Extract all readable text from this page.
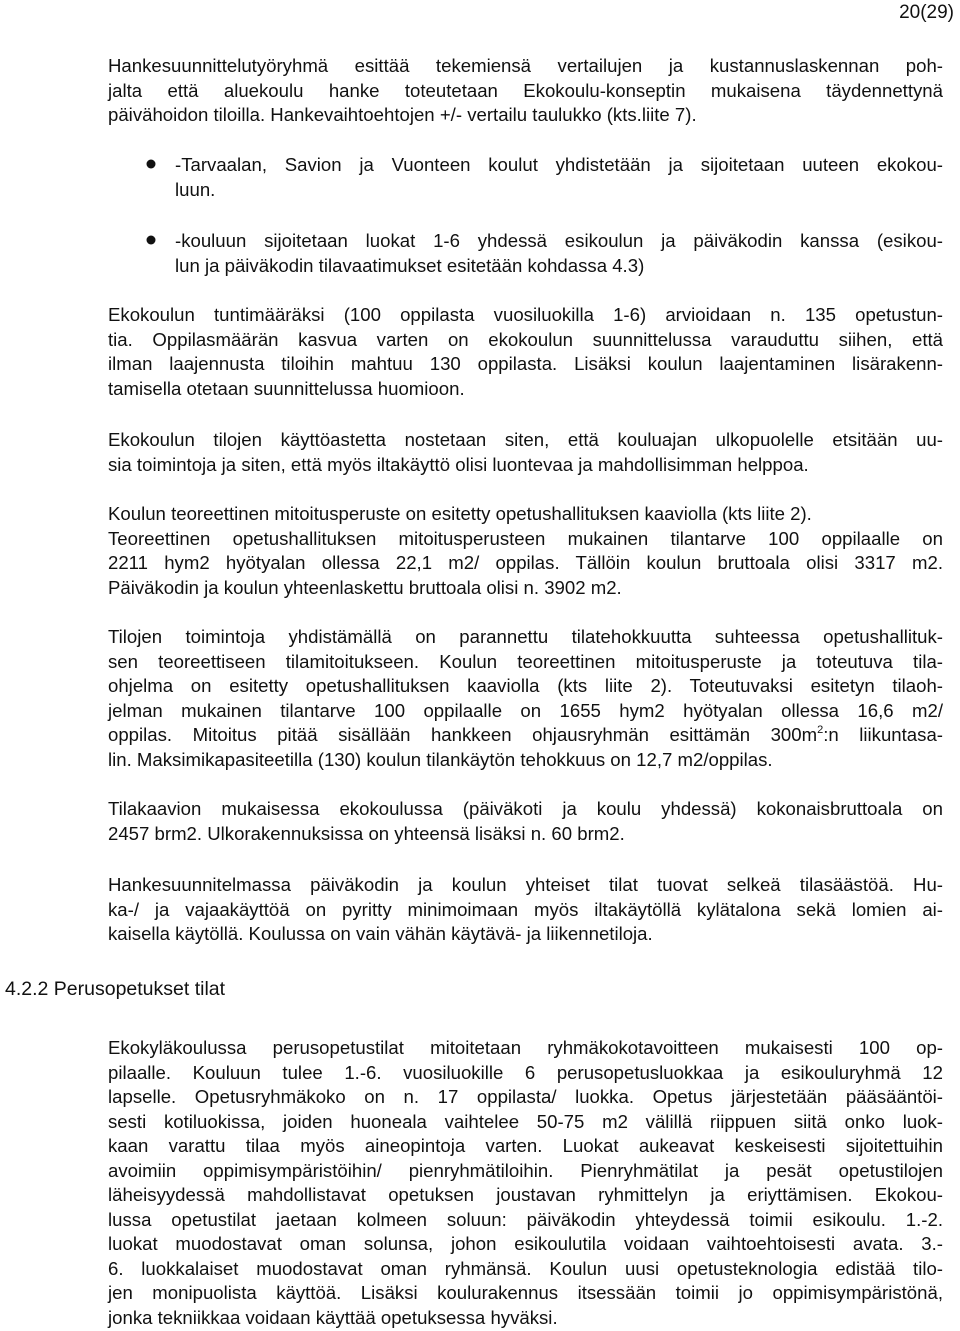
20(29)
Hankesuunnittelutyöryhmä esittää tekemiensä vertailujen ja kustannuslaskennan poh-
jalta että aluekoulu hanke toteutetaan Ekokoulu-konseptin mukaisena täydennettynä
päivähoidon tiloilla. Hankevaihtoehtojen +/- vertailu taulukko (kts.liite 7).
-Tarvaalan, Savion ja Vuonteen koulut yhdistetään ja sijoitetaan uuteen ekokou-
luun.
-kouluun sijoitetaan luokat 1-6 yhdessä esikoulun ja päiväkodin kanssa (esikou-
lun ja päiväkodin tilavaatimukset esitetään kohdassa 4.3)
Ekokoulun tuntimääräksi (100 oppilasta vuosiluokilla 1-6) arvioidaan n. 135 opetustun-
tia. Oppilasmäärän kasvua varten on ekokoulun suunnittelussa varauduttu siihen, että
ilman laajennusta tiloihin mahtuu 130 oppilasta. Lisäksi koulun laajentaminen lisärakenn-
tamisella otetaan suunnittelussa huomioon.
Ekokoulun tilojen käyttöastetta nostetaan siten, että kouluajan ulkopuolelle etsitään uu-
sia toimintoja ja siten, että myös iltakäyttö olisi luontevaa ja mahdollisimman helppoa.
Koulun teoreettinen mitoitusperuste on esitetty opetushallituksen kaaviolla (kts liite 2).
Teoreettinen opetushallituksen mitoitusperusteen mukainen tilantarve 100 oppilaalle on
2211 hym2 hyötyalan ollessa 22,1 m2/ oppilas. Tällöin koulun bruttoala olisi 3317 m2.
Päiväkodin ja koulun yhteenlaskettu bruttoala olisi n. 3902 m2.
Tilojen toimintoja yhdistämällä on parannettu tilatehokkuutta suhteessa opetushallituk-
sen teoreettiseen tilamitoitukseen. Koulun teoreettinen mitoitusperuste ja toteutuva tila-
ohjelma on esitetty opetushallituksen kaaviolla (kts liite 2). Toteutuvaksi esitetyn tilaoh-
jelman mukainen tilantarve 100 oppilaalle on 1655 hym2 hyötyalan ollessa 16,6 m2/
oppilas. Mitoitus pitää sisällään hankkeen ohjausryhmän esittämän $300m^2:n$ liikuntasa-
lin. Maksimikapasiteetilla (130) koulun tilankäytön tehokkuus on 12,7 m2/oppilas.
Tilakaavion mukaisessa ekokoulussa (päiväkoti ja koulu yhdessä) kokonaisbruttoala on
2457 brm2. Ulkorakennuksissa on yhteensä lisäksi n. 60 brm2.
Hankesuunnitelmassa päiväkodin ja koulun yhteiset tilat tuovat selkeä tilasäästöä. Hu-
ka-/ ja vajaakäyttöä on pyritty minimoimaan myös iltakäytöllä kylätalona sekä lomien ai-
kaisella käytöllä. Koulussa on vain vähän käytävä- ja liikennetiloja.
4.2.2 Perusopetukset tilat
Ekokyläkoulussa perusopetustilat mitoitetaan ryhmäkokotavoitteen mukaisesti 100 op-
pilaalle. Kouluun tulee 1.-6. vuosiluokille 6 perusopetusluokkaa ja esikouluryhmä 12
lapselle. Opetusryhmäkoko on n. 17 oppilasta/ luokka. Opetus järjestetään pääsääntöi-
sesti kotiluokissa, joiden huoneala vaihtelee 50-75 m2 välillä riippuen siitä onko luok-
kaan varattu tilaa myös aineopintoja varten. Luokat aukeavat keskeisesti sijoitettuihin
avoimiin oppimisympäristöihin/ pienryhmätiloihin. Pienryhmätilat ja pesät opetustilojen
läheisyydessä mahdollistavat opetuksen joustavan ryhmittelyn ja eriyttämisen. Ekokou-
lussa opetustilat jaetaan kolmeen soluun: päiväkodin yhteydessä toimii esikoulu. 1.-2.
luokat muodostavat oman solunsa, johon esikoulutila voidaan vaihtoehtoisesti avata. 3.-
6. luokkalaiset muodostavat oman ryhmänsä. Koulun uusi opetusteknologia edistää tilo-
jen monipuolista käyttöä. Lisäksi koulurakennus itsessään toimii jo oppimisympäristönä,
jonka tekniikkaa voidaan käyttää opetuksessa hyväksi.
